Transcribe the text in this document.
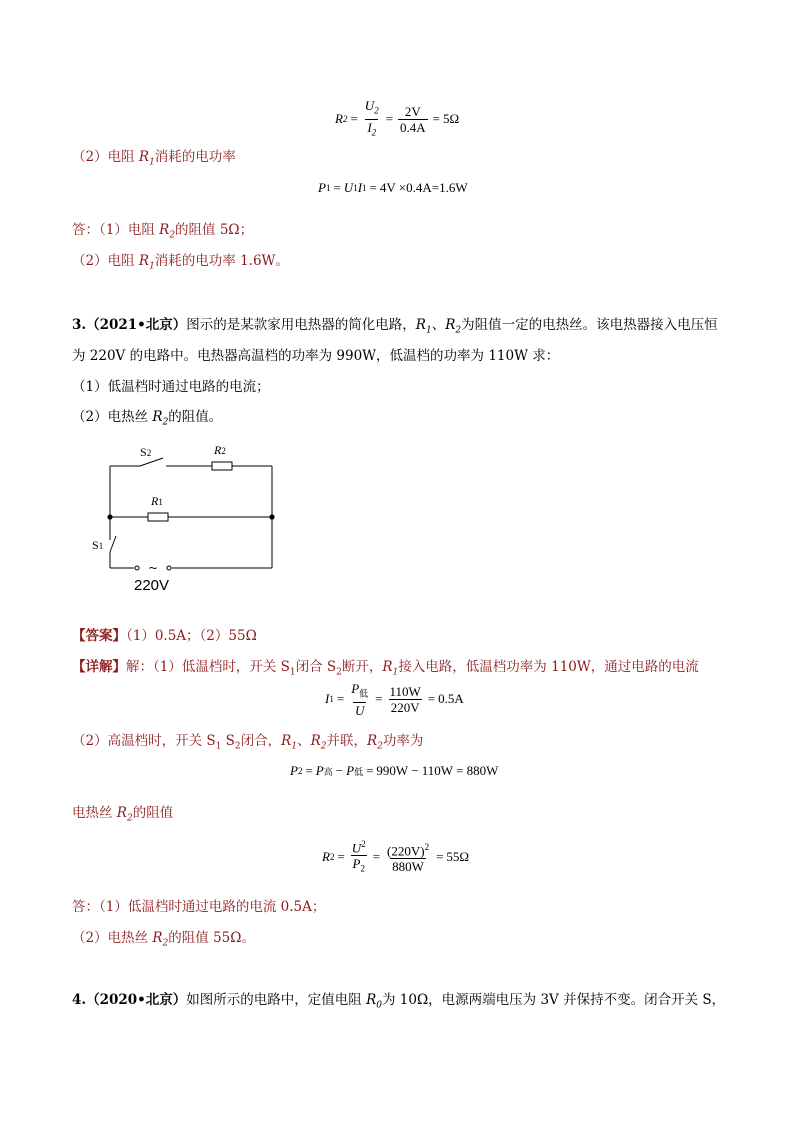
R $2 = \frac{U_2}{I_2} = \frac{2V}{0.4A} = 5\Omega$
（2）电阻 $R_1$消耗的电功率
P 1 = U 1 I 1 = 4V ×0.4A=1.6W
答：（1）电阻 $R_2$的阻值 5Ω；
（2）电阻 $R_1$消耗的电功率 1.6W。
3.（2021•北京）图示的是某款家用电热器的简化电路，$R_1$、$R_2$为阻值一定的电热丝。该电热器接入电压恒
为 220V 的电路中。电热器高温档的功率为 990W，低温档的功率为 110W 求：
（1）低温档时通过电路的电流；
（2）电热丝 $R_2$的阻值。
S 2	R 2
R 1
S 1
~
220V
【答案】（1）0.5A；（2）55Ω
【详解】解：（1）低温档时，开关 $S_1$闭合 $S_2$断开，$R_1$接入电路，低温档功率为 110W，通过电路的电流
I $1 = \frac{P_低}{U} = \frac{110W}{220V} = 0.5A$
（2）高温档时，开关 $S_1$ $S_2$闭合，$R_1$、$R_2$并联，$R_2$功率为
P 2 = P 高 − P 低 = 990W − 110W = 880W
电热丝 $R_2$的阻值
R $2 = \frac{U^2}{P_2} = \frac{(220V)^2}{880W} = 55\Omega$
答：（1）低温档时通过电路的电流 0.5A；
（2）电热丝 $R_2$的阻值 55Ω。
4.（2020•北京）如图所示的电路中，定值电阻 $R_0$为 10Ω，电源两端电压为 3V 并保持不变。闭合开关 S，
